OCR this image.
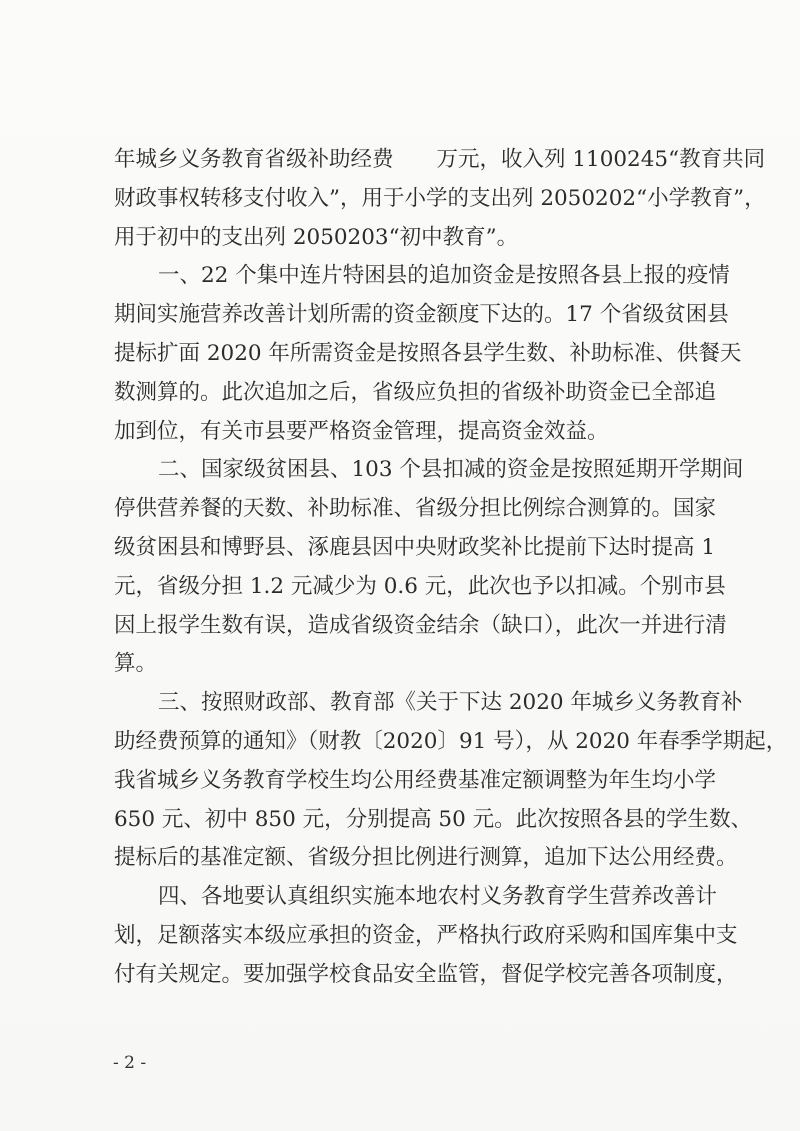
年城乡义务教育省级补助经费　　万元，收入列 1100245“教育共同
财政事权转移支付收入”，用于小学的支出列 2050202“小学教育”，
用于初中的支出列 2050203“初中教育”。
一、22 个集中连片特困县的追加资金是按照各县上报的疫情
期间实施营养改善计划所需的资金额度下达的。17 个省级贫困县
提标扩面 2020 年所需资金是按照各县学生数、补助标准、供餐天
数测算的。此次追加之后，省级应负担的省级补助资金已全部追
加到位，有关市县要严格资金管理，提高资金效益。
二、国家级贫困县、103 个县扣减的资金是按照延期开学期间
停供营养餐的天数、补助标准、省级分担比例综合测算的。国家
级贫困县和博野县、涿鹿县因中央财政奖补比提前下达时提高 1
元，省级分担 1.2 元减少为 0.6 元，此次也予以扣减。个别市县
因上报学生数有误，造成省级资金结余（缺口），此次一并进行清
算。
三、按照财政部、教育部《关于下达 2020 年城乡义务教育补
助经费预算的通知》（财教〔2020〕91 号），从 2020 年春季学期起，
我省城乡义务教育学校生均公用经费基准定额调整为年生均小学
650 元、初中 850 元，分别提高 50 元。此次按照各县的学生数、
提标后的基准定额、省级分担比例进行测算，追加下达公用经费。
四、各地要认真组织实施本地农村义务教育学生营养改善计
划，足额落实本级应承担的资金，严格执行政府采购和国库集中支
付有关规定。要加强学校食品安全监管，督促学校完善各项制度，
- 2 -
